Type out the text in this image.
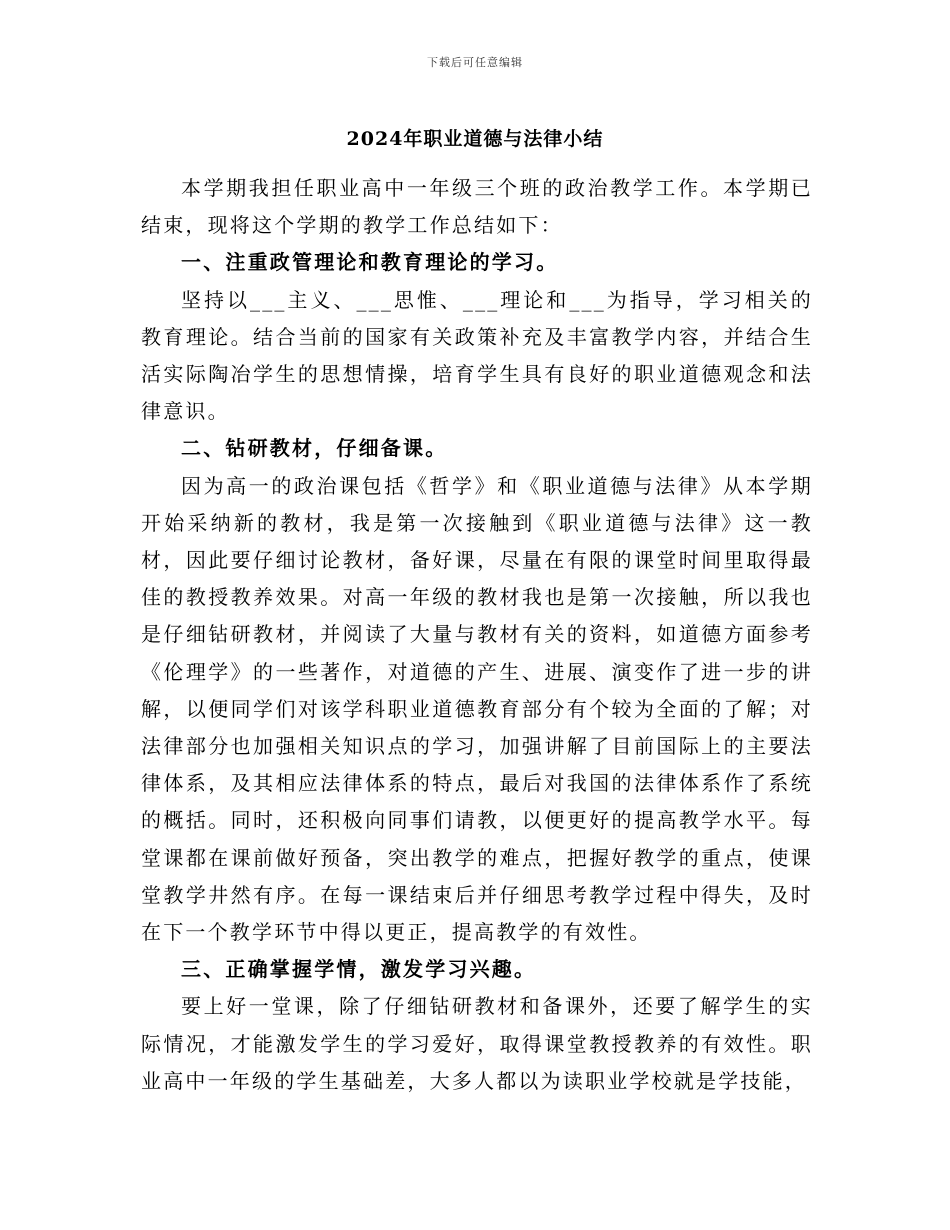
下载后可任意编辑
2024年职业道德与法律小结

本学期我担任职业高中一年级三个班的政治教学工作。本学期已结束，现将这个学期的教学工作总结如下：

一、注重政管理论和教育理论的学习。

坚持以___主义、___思惟、___理论和___为指导，学习相关的教育理论。结合当前的国家有关政策补充及丰富教学内容，并结合生活实际陶冶学生的思想情操，培育学生具有良好的职业道德观念和法律意识。

二、钻研教材，仔细备课。

因为高一的政治课包括《哲学》和《职业道德与法律》从本学期开始采纳新的教材，我是第一次接触到《职业道德与法律》这一教材，因此要仔细讨论教材，备好课，尽量在有限的课堂时间里取得最佳的教授教养效果。对高一年级的教材我也是第一次接触，所以我也是仔细钻研教材，并阅读了大量与教材有关的资料，如道德方面参考《伦理学》的一些著作，对道德的产生、进展、演变作了进一步的讲解，以便同学们对该学科职业道德教育部分有个较为全面的了解；对法律部分也加强相关知识点的学习，加强讲解了目前国际上的主要法律体系，及其相应法律体系的特点，最后对我国的法律体系作了系统的概括。同时，还积极向同事们请教，以便更好的提高教学水平。每堂课都在课前做好预备，突出教学的难点，把握好教学的重点，使课堂教学井然有序。在每一课结束后并仔细思考教学过程中得失，及时在下一个教学环节中得以更正，提高教学的有效性。

三、正确掌握学情，激发学习兴趣。

要上好一堂课，除了仔细钻研教材和备课外，还要了解学生的实际情况，才能激发学生的学习爱好，取得课堂教授教养的有效性。职业高中一年级的学生基础差，大多人都以为读职业学校就是学技能，
